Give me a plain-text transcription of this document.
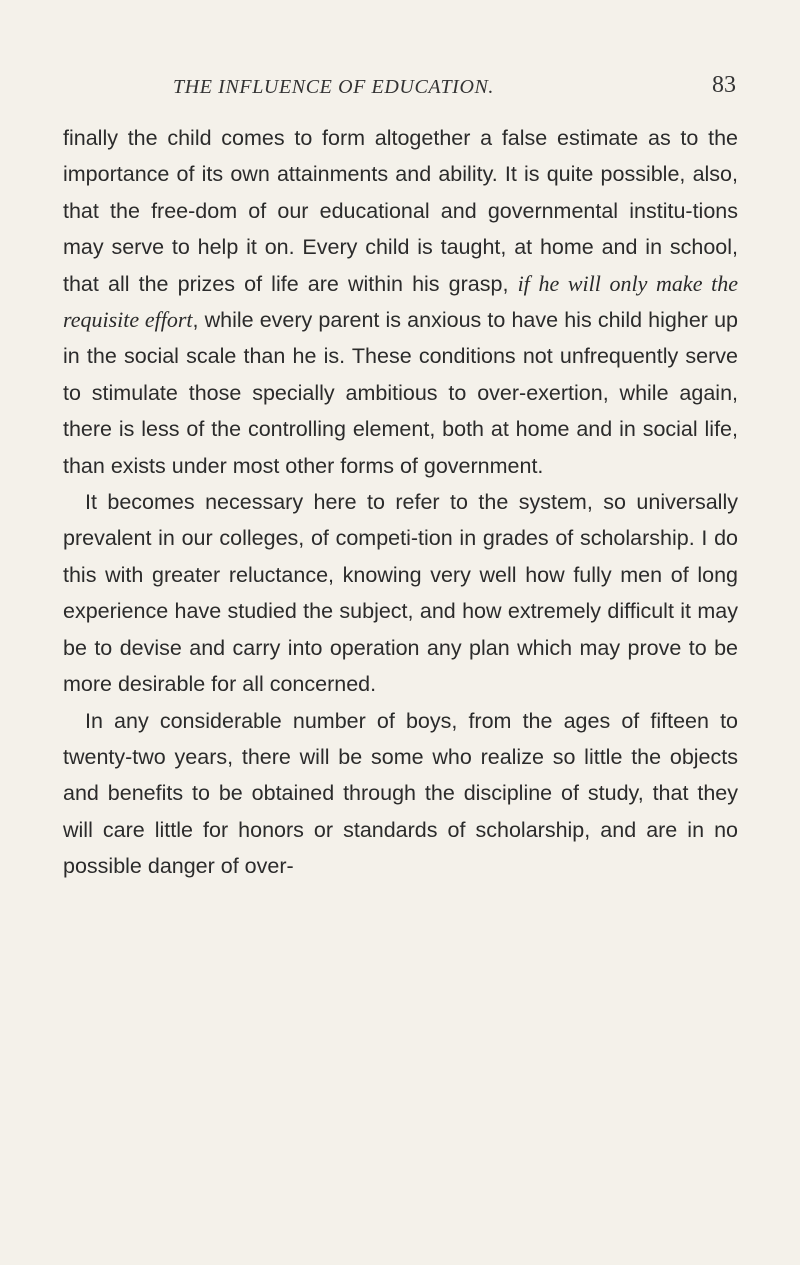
THE INFLUENCE OF EDUCATION.	83

finally the child comes to form altogether a false estimate as to the importance of its own attainments and ability. It is quite possible, also, that the free-dom of our educational and governmental institu-tions may serve to help it on. Every child is taught, at home and in school, that all the prizes of life are within his grasp, if he will only make the requisite effort, while every parent is anxious to have his child higher up in the social scale than he is. These conditions not unfrequently serve to stimulate those specially ambitious to over-exertion, while again, there is less of the controlling element, both at home and in social life, than exists under most other forms of government.

It becomes necessary here to refer to the system, so universally prevalent in our colleges, of competi-tion in grades of scholarship. I do this with greater reluctance, knowing very well how fully men of long experience have studied the subject, and how extremely difficult it may be to devise and carry into operation any plan which may prove to be more desirable for all concerned.

In any considerable number of boys, from the ages of fifteen to twenty-two years, there will be some who realize so little the objects and benefits to be obtained through the discipline of study, that they will care little for honors or standards of scholarship, and are in no possible danger of over-
